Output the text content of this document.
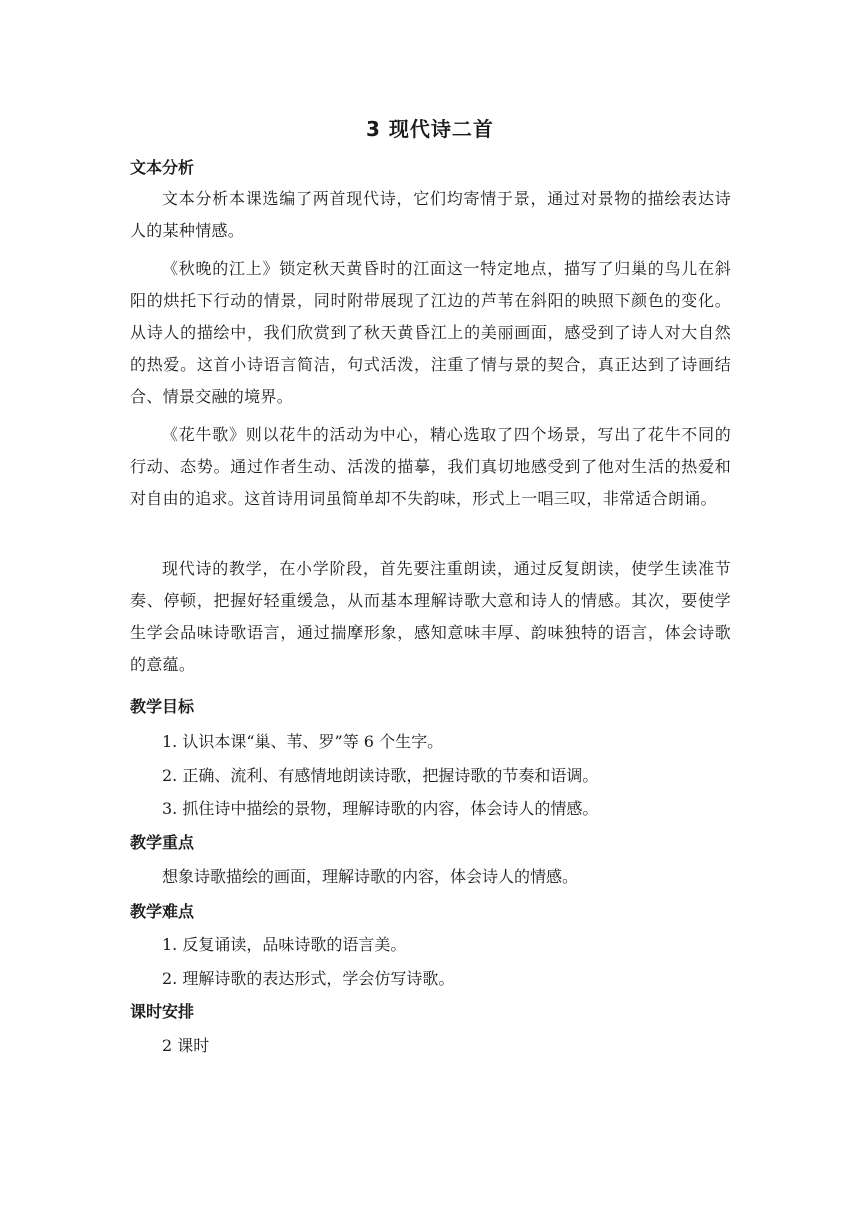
3 现代诗二首
文本分析

文本分析本课选编了两首现代诗，它们均寄情于景，通过对景物的描绘表达诗人的某种情感。

《秋晚的江上》锁定秋天黄昏时的江面这一特定地点，描写了归巢的鸟儿在斜阳的烘托下行动的情景，同时附带展现了江边的芦苇在斜阳的映照下颜色的变化。从诗人的描绘中，我们欣赏到了秋天黄昏江上的美丽画面，感受到了诗人对大自然的热爱。这首小诗语言简洁，句式活泼，注重了情与景的契合，真正达到了诗画结合、情景交融的境界。

《花牛歌》则以花牛的活动为中心，精心选取了四个场景，写出了花牛不同的行动、态势。通过作者生动、活泼的描摹，我们真切地感受到了他对生活的热爱和对自由的追求。这首诗用词虽简单却不失韵味，形式上一唱三叹，非常适合朗诵。

现代诗的教学，在小学阶段，首先要注重朗读，通过反复朗读，使学生读准节奏、停顿，把握好轻重缓急，从而基本理解诗歌大意和诗人的情感。其次，要使学生学会品味诗歌语言，通过揣摩形象，感知意味丰厚、韵味独特的语言，体会诗歌的意蕴。

教学目标
1. 认识本课“巢、苇、罗”等 6 个生字。
2. 正确、流利、有感情地朗读诗歌，把握诗歌的节奏和语调。
3. 抓住诗中描绘的景物，理解诗歌的内容，体会诗人的情感。
教学重点
想象诗歌描绘的画面，理解诗歌的内容，体会诗人的情感。
教学难点
1. 反复诵读，品味诗歌的语言美。
2. 理解诗歌的表达形式，学会仿写诗歌。
课时安排
2 课时
